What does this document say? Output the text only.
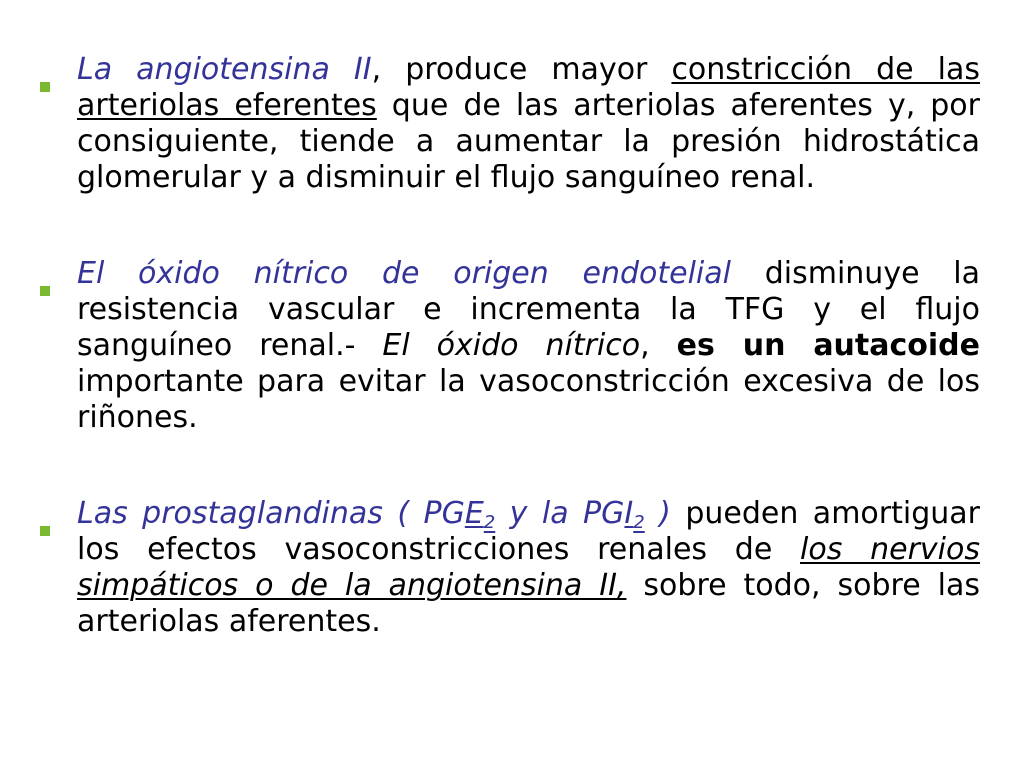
La angiotensina II, produce mayor constricción de las arteriolas eferentes que de las arteriolas aferentes y, por consiguiente, tiende a aumentar la presión hidrostática glomerular y a disminuir el flujo sanguíneo renal.
El óxido nítrico de origen endotelial disminuye la resistencia vascular e incrementa la TFG y el flujo sanguíneo renal.- El óxido nítrico, es un autacoide importante para evitar la vasoconstricción excesiva de los riñones.
Las prostaglandinas ( $PGE_2$ y la $PGI_2$ ) pueden amortiguar los efectos vasoconstricciones renales de los nervios simpáticos o de la angiotensina II, sobre todo, sobre las arteriolas aferentes.
